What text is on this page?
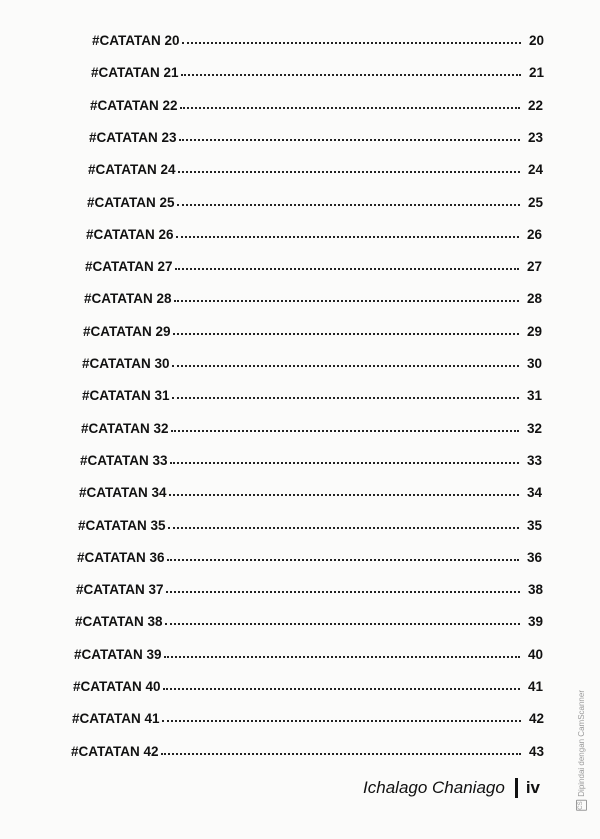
#CATATAN 20	20
#CATATAN 21	21
#CATATAN 22	22
#CATATAN 23	23
#CATATAN 24	24
#CATATAN 25	25
#CATATAN 26	26
#CATATAN 27	27
#CATATAN 28	28
#CATATAN 29	29
#CATATAN 30	30
#CATATAN 31	31
#CATATAN 32	32
#CATATAN 33	33
#CATATAN 34	34
#CATATAN 35	35
#CATATAN 36	36
#CATATAN 37	38
#CATATAN 38	39
#CATATAN 39	40
#CATATAN 40	41
#CATATAN 41	42
#CATATAN 42	43
Ichalago Chaniago iv
CS
Dipindai dengan CamScanner
